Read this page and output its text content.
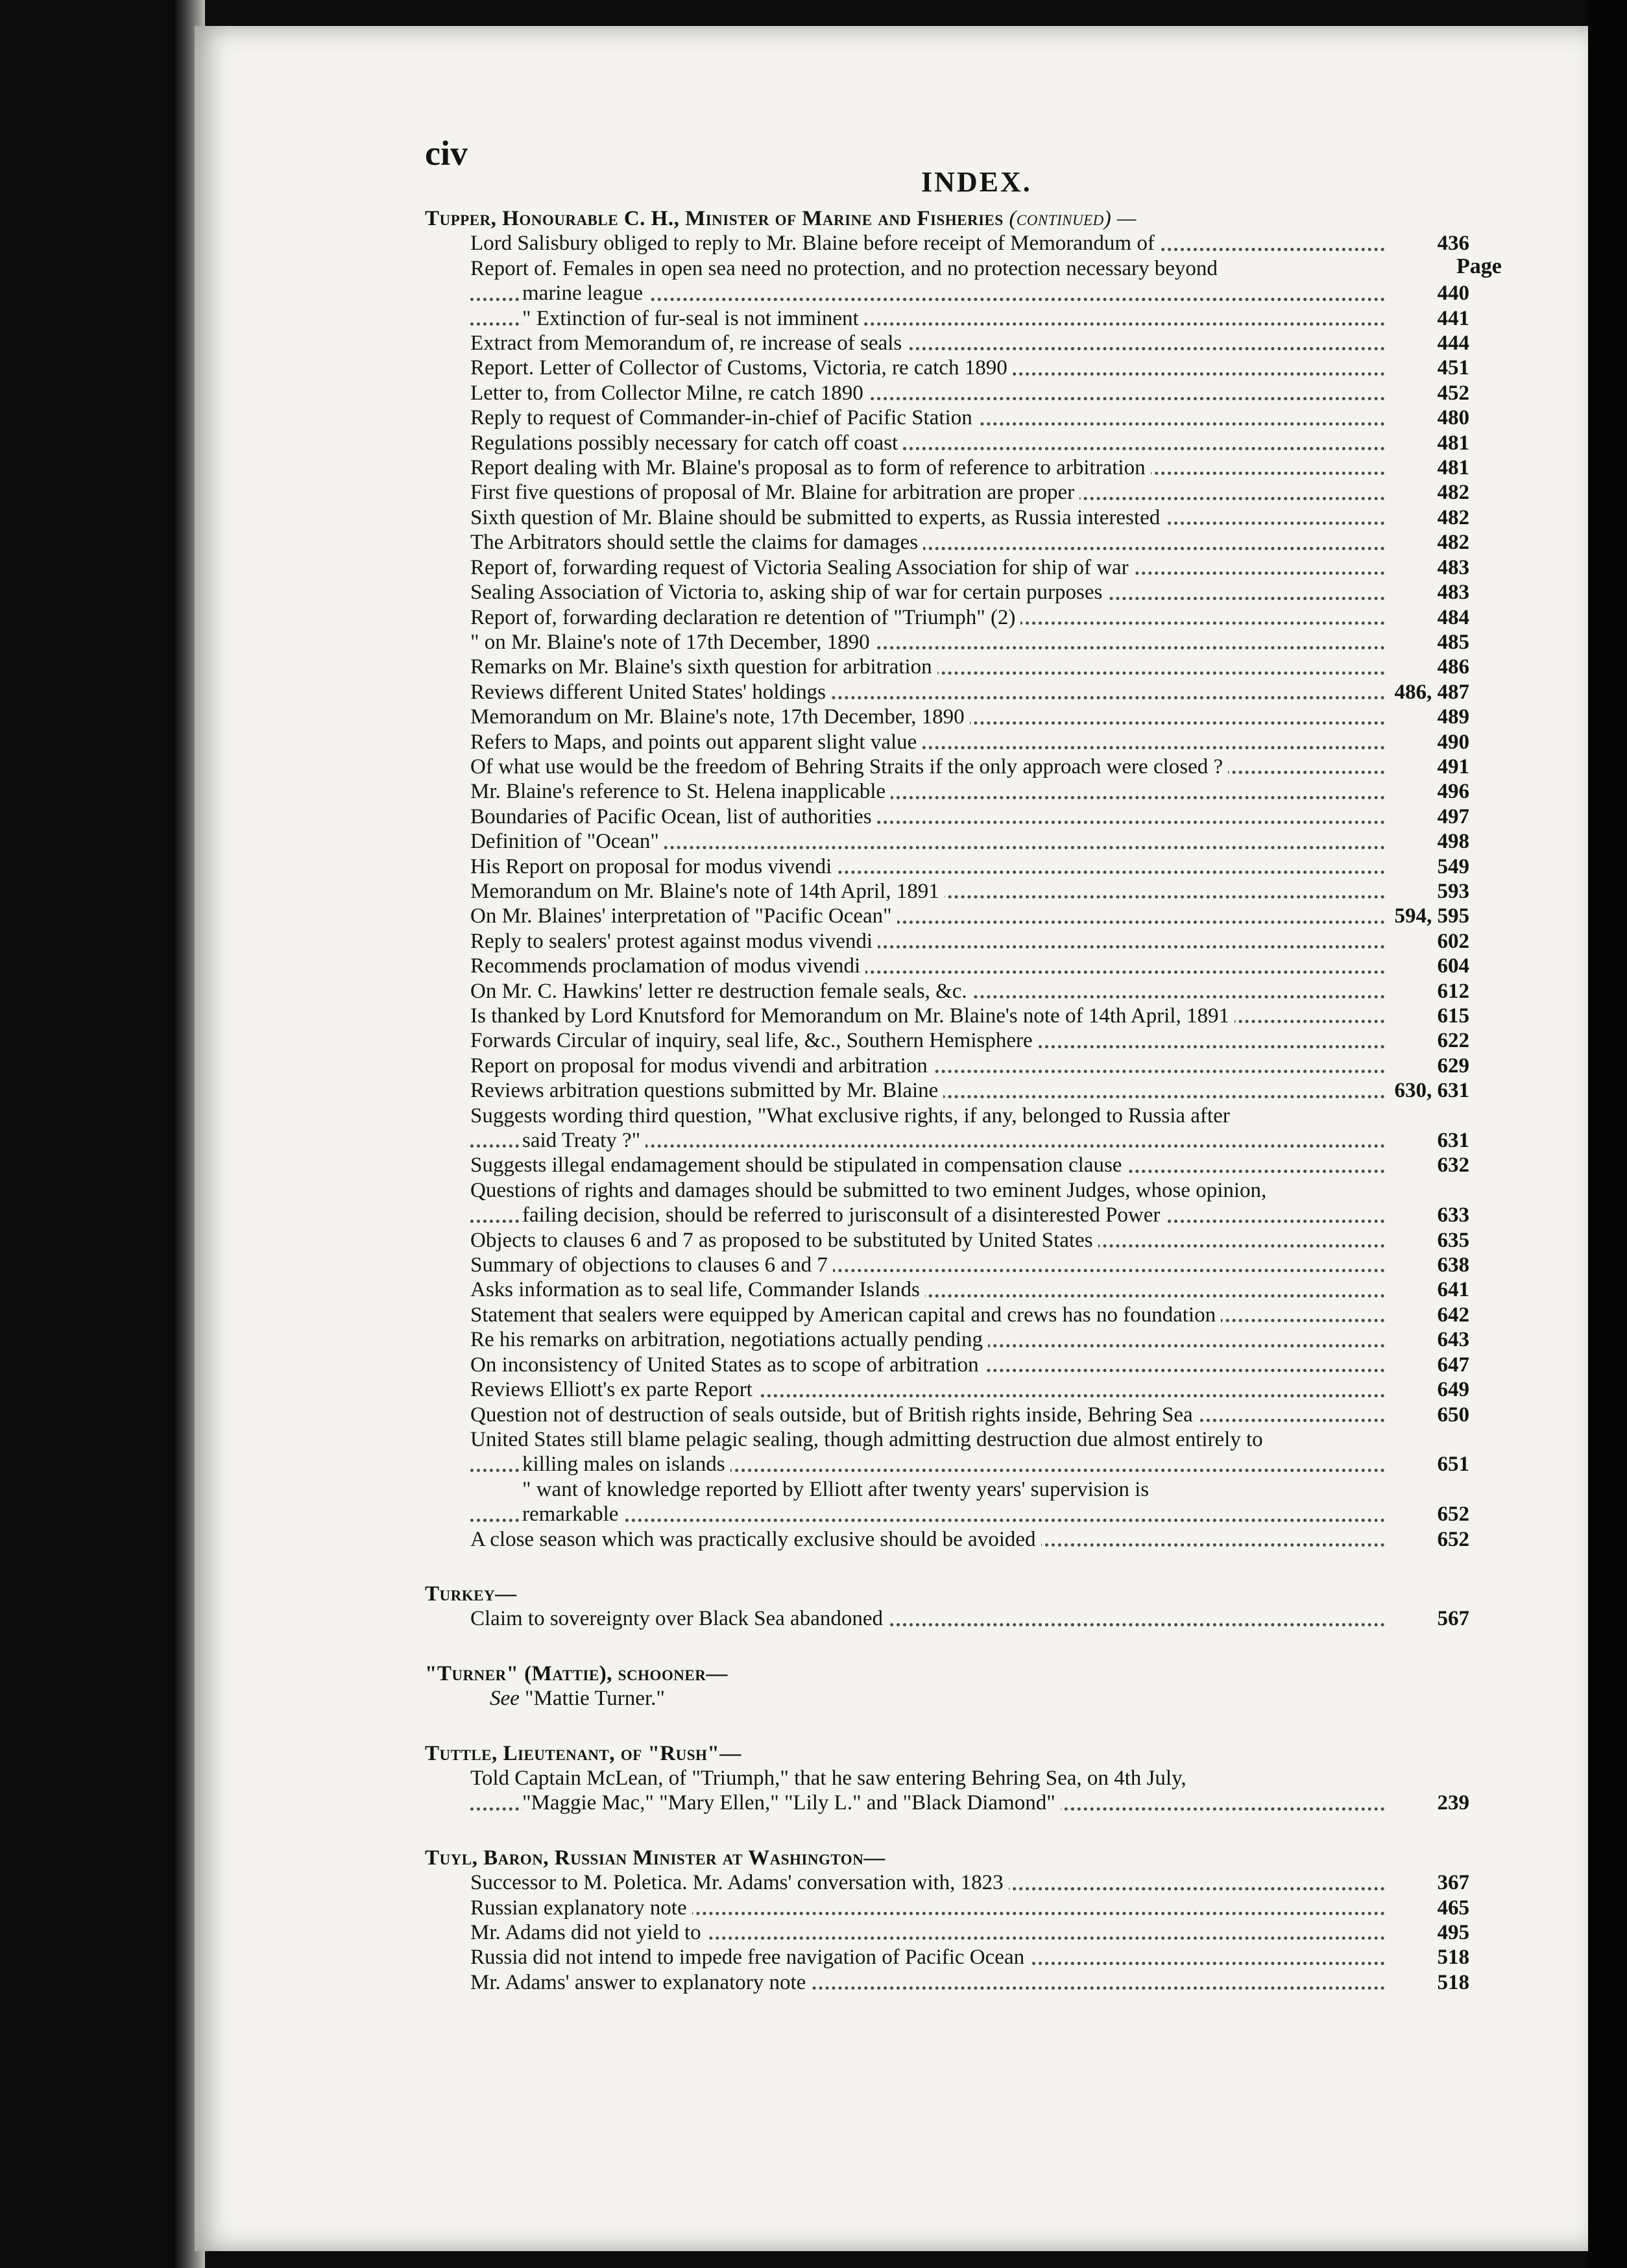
civ
INDEX.
Page
Tupper, Honourable C. H., Minister of Marine and Fisheries (continued) —
Lord Salisbury obliged to reply to Mr. Blaine before receipt of Memorandum of	436
Report of. Females in open sea need no protection, and no protection necessary beyond
marine league	440
" Extinction of fur-seal is not imminent	441
Extract from Memorandum of, re increase of seals	444
Report. Letter of Collector of Customs, Victoria, re catch 1890	451
Letter to, from Collector Milne, re catch 1890	452
Reply to request of Commander-in-chief of Pacific Station	480
Regulations possibly necessary for catch off coast	481
Report dealing with Mr. Blaine's proposal as to form of reference to arbitration	481
First five questions of proposal of Mr. Blaine for arbitration are proper	482
Sixth question of Mr. Blaine should be submitted to experts, as Russia interested	482
The Arbitrators should settle the claims for damages	482
Report of, forwarding request of Victoria Sealing Association for ship of war	483
Sealing Association of Victoria to, asking ship of war for certain purposes	483
Report of, forwarding declaration re detention of "Triumph" (2)	484
" on Mr. Blaine's note of 17th December, 1890	485
Remarks on Mr. Blaine's sixth question for arbitration	486
Reviews different United States' holdings	486, 487
Memorandum on Mr. Blaine's note, 17th December, 1890	489
Refers to Maps, and points out apparent slight value	490
Of what use would be the freedom of Behring Straits if the only approach were closed ?	491
Mr. Blaine's reference to St. Helena inapplicable	496
Boundaries of Pacific Ocean, list of authorities	497
Definition of "Ocean"	498
His Report on proposal for modus vivendi	549
Memorandum on Mr. Blaine's note of 14th April, 1891	593
On Mr. Blaines' interpretation of "Pacific Ocean"	594, 595
Reply to sealers' protest against modus vivendi	602
Recommends proclamation of modus vivendi	604
On Mr. C. Hawkins' letter re destruction female seals, &c.	612
Is thanked by Lord Knutsford for Memorandum on Mr. Blaine's note of 14th April, 1891	615
Forwards Circular of inquiry, seal life, &c., Southern Hemisphere	622
Report on proposal for modus vivendi and arbitration	629
Reviews arbitration questions submitted by Mr. Blaine	630, 631
Suggests wording third question, "What exclusive rights, if any, belonged to Russia after
said Treaty ?"	631
Suggests illegal endamagement should be stipulated in compensation clause	632
Questions of rights and damages should be submitted to two eminent Judges, whose opinion,
failing decision, should be referred to jurisconsult of a disinterested Power	633
Objects to clauses 6 and 7 as proposed to be substituted by United States	635
Summary of objections to clauses 6 and 7	638
Asks information as to seal life, Commander Islands	641
Statement that sealers were equipped by American capital and crews has no foundation	642
Re his remarks on arbitration, negotiations actually pending	643
On inconsistency of United States as to scope of arbitration	647
Reviews Elliott's ex parte Report	649
Question not of destruction of seals outside, but of British rights inside, Behring Sea	650
United States still blame pelagic sealing, though admitting destruction due almost entirely to
killing males on islands	651
" want of knowledge reported by Elliott after twenty years' supervision is
remarkable	652
A close season which was practically exclusive should be avoided	652
Turkey—
Claim to sovereignty over Black Sea abandoned	567
"Turner" (Mattie), schooner—
See "Mattie Turner."
Tuttle, Lieutenant, of "Rush"—
Told Captain McLean, of "Triumph," that he saw entering Behring Sea, on 4th July,
"Maggie Mac," "Mary Ellen," "Lily L." and "Black Diamond"	239
Tuyl, Baron, Russian Minister at Washington—
Successor to M. Poletica. Mr. Adams' conversation with, 1823	367
Russian explanatory note	465
Mr. Adams did not yield to	495
Russia did not intend to impede free navigation of Pacific Ocean	518
Mr. Adams' answer to explanatory note	518
